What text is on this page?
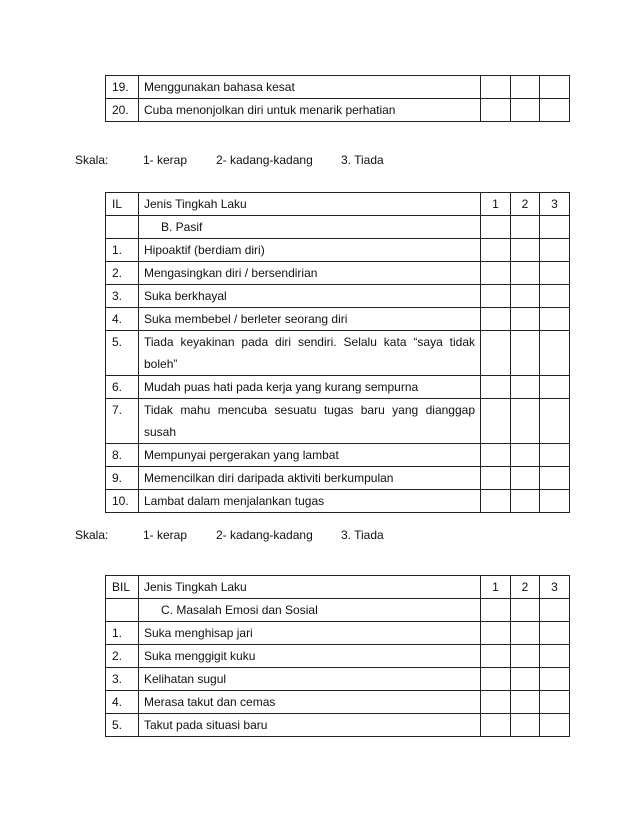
19.	Menggunakan bahasa kesat			
20.	Cuba menonjolkan diri untuk menarik perhatian			
Skala:	1- kerap 2- kadang-kadang 3. Tiada
IL	Jenis Tingkah Laku	1	2	3
	B. Pasif			
1.	Hipoaktif (berdiam diri)			
2.	Mengasingkan diri / bersendirian			
3.	Suka berkhayal			
4.	Suka membebel / berleter seorang diri			
5.	Tiada keyakinan pada diri sendiri. Selalu kata “saya tidak boleh”			
6.	Mudah puas hati pada kerja yang kurang sempurna			
7.	Tidak mahu mencuba sesuatu tugas baru yang dianggap susah			
8.	Mempunyai pergerakan yang lambat			
9.	Memencilkan diri daripada aktiviti berkumpulan			
10.	Lambat dalam menjalankan tugas			
Skala:	1- kerap 2- kadang-kadang 3. Tiada
BIL	Jenis Tingkah Laku	1	2	3
	C. Masalah Emosi dan Sosial			
1.	Suka menghisap jari			
2.	Suka menggigit kuku			
3.	Kelihatan sugul			
4.	Merasa takut dan cemas			
5.	Takut pada situasi baru			
